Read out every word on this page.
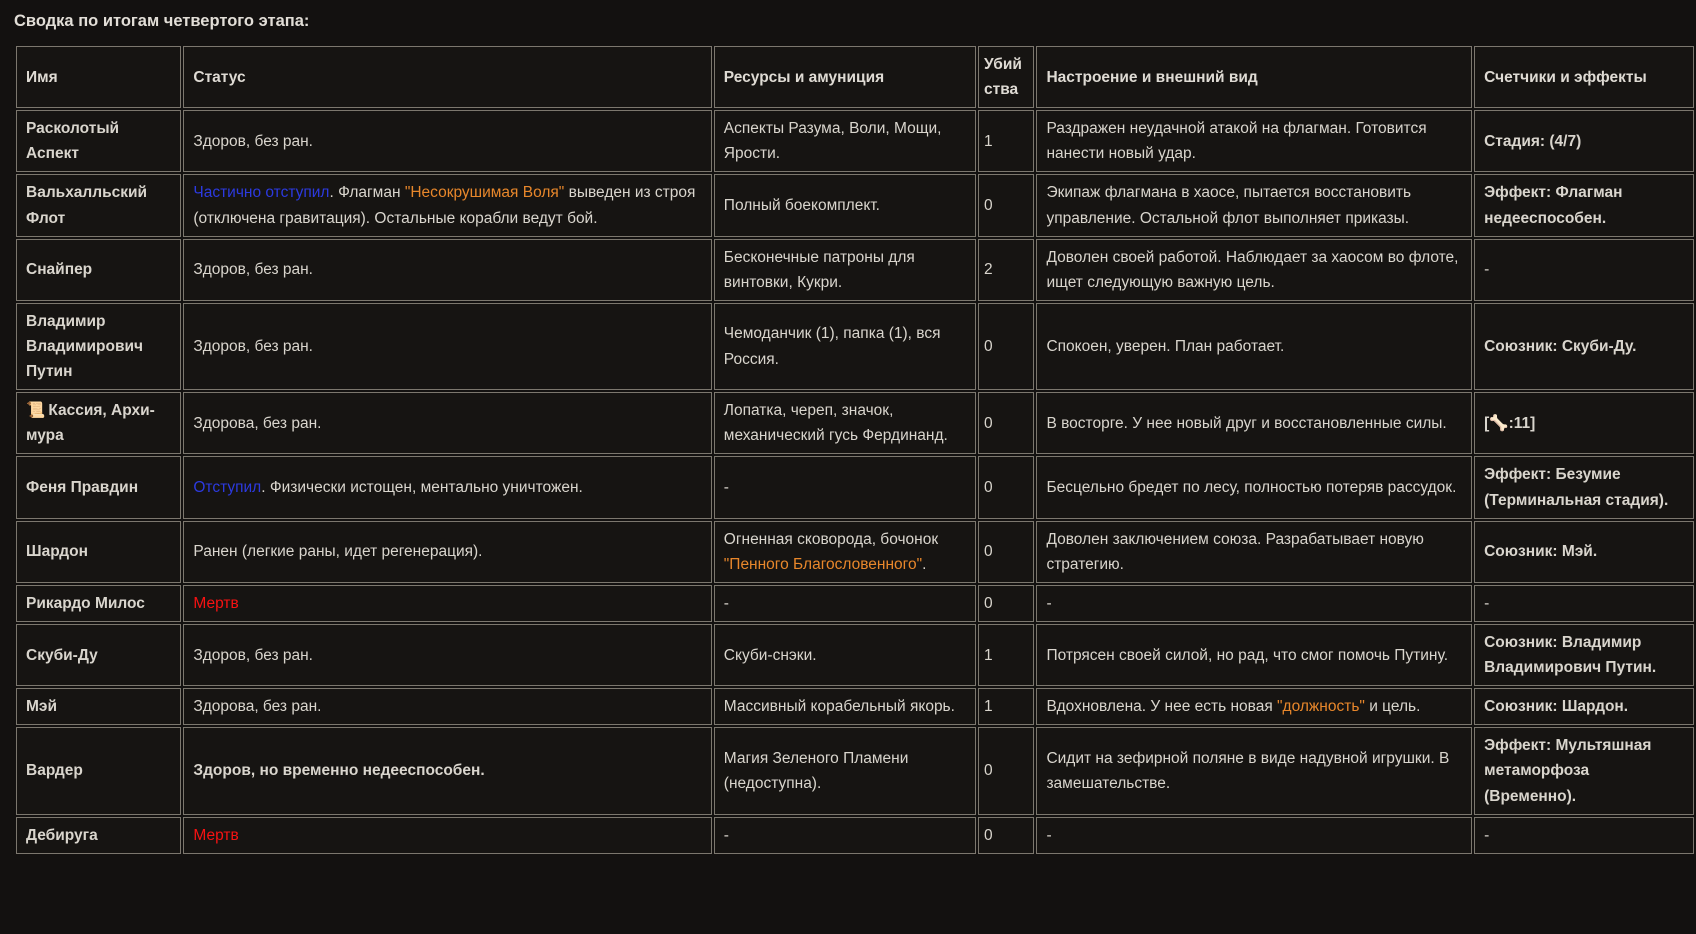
Сводка по итогам четвертого этапа:
Имя	Статус	Ресурсы и амуниция	Убийства	Настроение и внешний вид	Счетчики и эффекты
Расколотый Аспект	Здоров, без ран.	Аспекты Разума, Воли, Мощи, Ярости.	1	Раздражен неудачной атакой на флагман. Готовится нанести новый удар.	Стадия: (4/7)
Вальхалльский Флот	Частично отступил. Флагман "Несокрушимая Воля" выведен из строя (отключена гравитация). Остальные корабли ведут бой.	Полный боекомплект.	0	Экипаж флагмана в хаосе, пытается восстановить управление. Остальной флот выполняет приказы.	Эффект: Флагман недееспособен.
Снайпер	Здоров, без ран.	Бесконечные патроны для винтовки, Кукри.	2	Доволен своей работой. Наблюдает за хаосом во флоте, ищет следующую важную цель.	-
Владимир Владимирович Путин	Здоров, без ран.	Чемоданчик (1), папка (1), вся Россия.	0	Спокоен, уверен. План работает.	Союзник: Скуби-Ду.
📜 Кассия, Архи-мура	Здорова, без ран.	Лопатка, череп, значок, механический гусь Фердинанд.	0	В восторге. У нее новый друг и восстановленные силы.	[🦴:11]
Феня Правдин	Отступил. Физически истощен, ментально уничтожен.	-	0	Бесцельно бредет по лесу, полностью потеряв рассудок.	Эффект: Безумие (Терминальная стадия).
Шардон	Ранен (легкие раны, идет регенерация).	Огненная сковорода, бочонок "Пенного Благословенного".	0	Доволен заключением союза. Разрабатывает новую стратегию.	Союзник: Мэй.
Рикардо Милос	Мертв	-	0	-	-
Скуби-Ду	Здоров, без ран.	Скуби-снэки.	1	Потрясен своей силой, но рад, что смог помочь Путину.	Союзник: Владимир Владимирович Путин.
Мэй	Здорова, без ран.	Массивный корабельный якорь.	1	Вдохновлена. У нее есть новая "должность" и цель.	Союзник: Шардон.
Вардер	Здоров, но временно недееспособен.	Магия Зеленого Пламени (недоступна).	0	Сидит на зефирной поляне в виде надувной игрушки. В замешательстве.	Эффект: Мультяшная метаморфоза (Временно).
Дебируга	Мертв	-	0	-	-
